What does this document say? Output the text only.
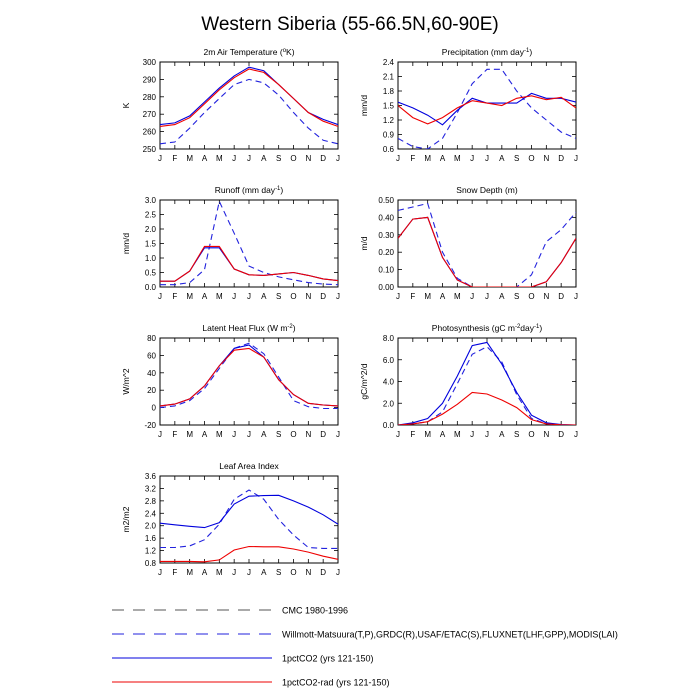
Western Siberia (55-66.5N,60-90E)
2m Air Temperature ($^o$K)
K
250
260
270
280
290
300
J F M A M J J A S O N D J
Precipitation (mm day$^{-1}$)
mm/d
0.6
0.9
1.2
1.5
1.8
2.1
2.4
J F M A M J J A S O N D J
Runoff (mm day$^{-1}$)
mm/d
0.0
0.5
1.0
1.5
2.0
2.5
3.0
J F M A M J J A S O N D J
Snow Depth (m)
m/d
0.00
0.10
0.20
0.30
0.40
0.50
J F M A M J J A S O N D J
Latent Heat Flux (W $m^{-2}$)
W/m^2
-20
0
20
40
60
80
J F M A M J J A S O N D J
Photosynthesis (gC $m^{-2}day^{-1}$)
gC/m^2/d
0.0
2.0
4.0
6.0
8.0
J F M A M J J A S O N D J
Leaf Area Index
m2/m2
0.8
1.2
1.6
2.0
2.4
2.8
3.2
3.6
J F M A M J J A S O N D J
CMC 1980-1996
Willmott-Matsuura(T,P),GRDC(R),USAF/ETAC(S),FLUXNET(LHF,GPP),MODIS(LAI)
1pctCO2 (yrs 121-150)
1pctCO2-rad (yrs 121-150)
